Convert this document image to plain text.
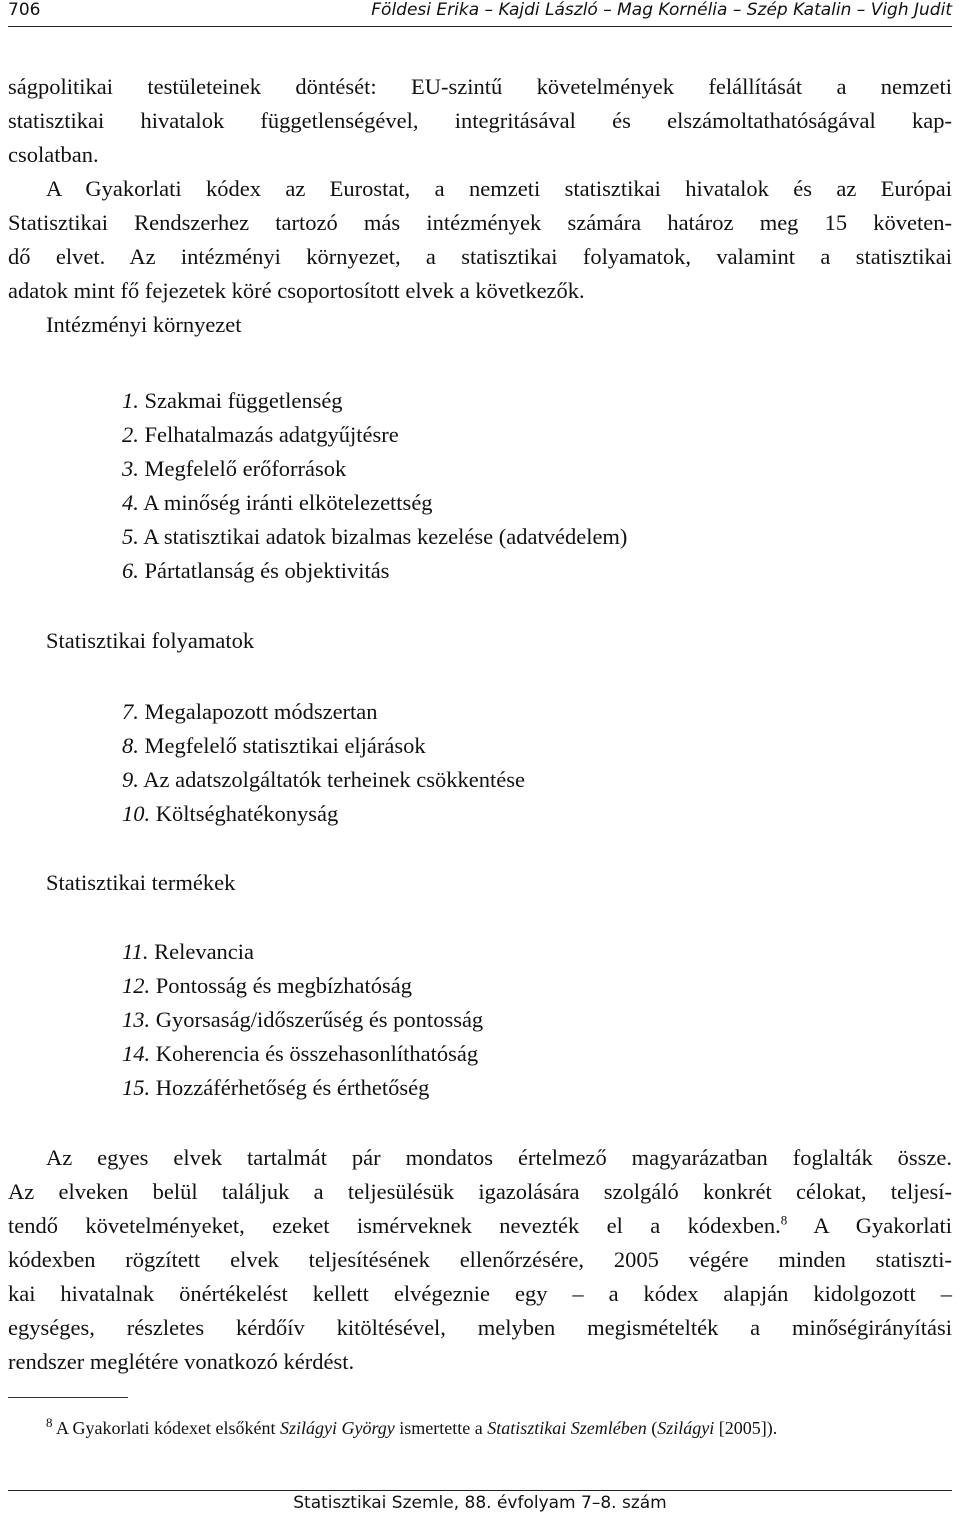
706	Földesi Erika – Kajdi László – Mag Kornélia – Szép Katalin – Vigh Judit

ságpolitikai testületeinek döntését: EU-szintű követelmények felállítását a nemzeti
statisztikai hivatalok függetlenségével, integritásával és elszámoltathatóságával kap-
csolatban.

A Gyakorlati kódex az Eurostat, a nemzeti statisztikai hivatalok és az Európai
Statisztikai Rendszerhez tartozó más intézmények számára határoz meg 15 követen-
dő elvet. Az intézményi környezet, a statisztikai folyamatok, valamint a statisztikai
adatok mint fő fejezetek köré csoportosított elvek a következők.

Intézményi környezet

1. Szakmai függetlenség
2. Felhatalmazás adatgyűjtésre
3. Megfelelő erőforrások
4. A minőség iránti elkötelezettség
5. A statisztikai adatok bizalmas kezelése (adatvédelem)
6. Pártatlanság és objektivitás

Statisztikai folyamatok

7. Megalapozott módszertan
8. Megfelelő statisztikai eljárások
9. Az adatszolgáltatók terheinek csökkentése
10. Költséghatékonyság

Statisztikai termékek

11. Relevancia
12. Pontosság és megbízhatóság
13. Gyorsaság/időszerűség és pontosság
14. Koherencia és összehasonlíthatóság
15. Hozzáférhetőség és érthetőség

Az egyes elvek tartalmát pár mondatos értelmező magyarázatban foglalták össze.
Az elveken belül találjuk a teljesülésük igazolására szolgáló konkrét célokat, teljesí-
tendő követelményeket, ezeket ismérveknek nevezték el a kódexben.$^8$ A Gyakorlati
kódexben rögzített elvek teljesítésének ellenőrzésére, 2005 végére minden statiszti-
kai hivatalnak önértékelést kellett elvégeznie egy – a kódex alapján kidolgozott –
egységes, részletes kérdőív kitöltésével, melyben megismételték a minőségirányítási
rendszer meglétére vonatkozó kérdést.

$^8$ A Gyakorlati kódexet elsőként Szilágyi György ismertette a Statisztikai Szemlében (Szilágyi [2005]).

Statisztikai Szemle, 88. évfolyam 7–8. szám
